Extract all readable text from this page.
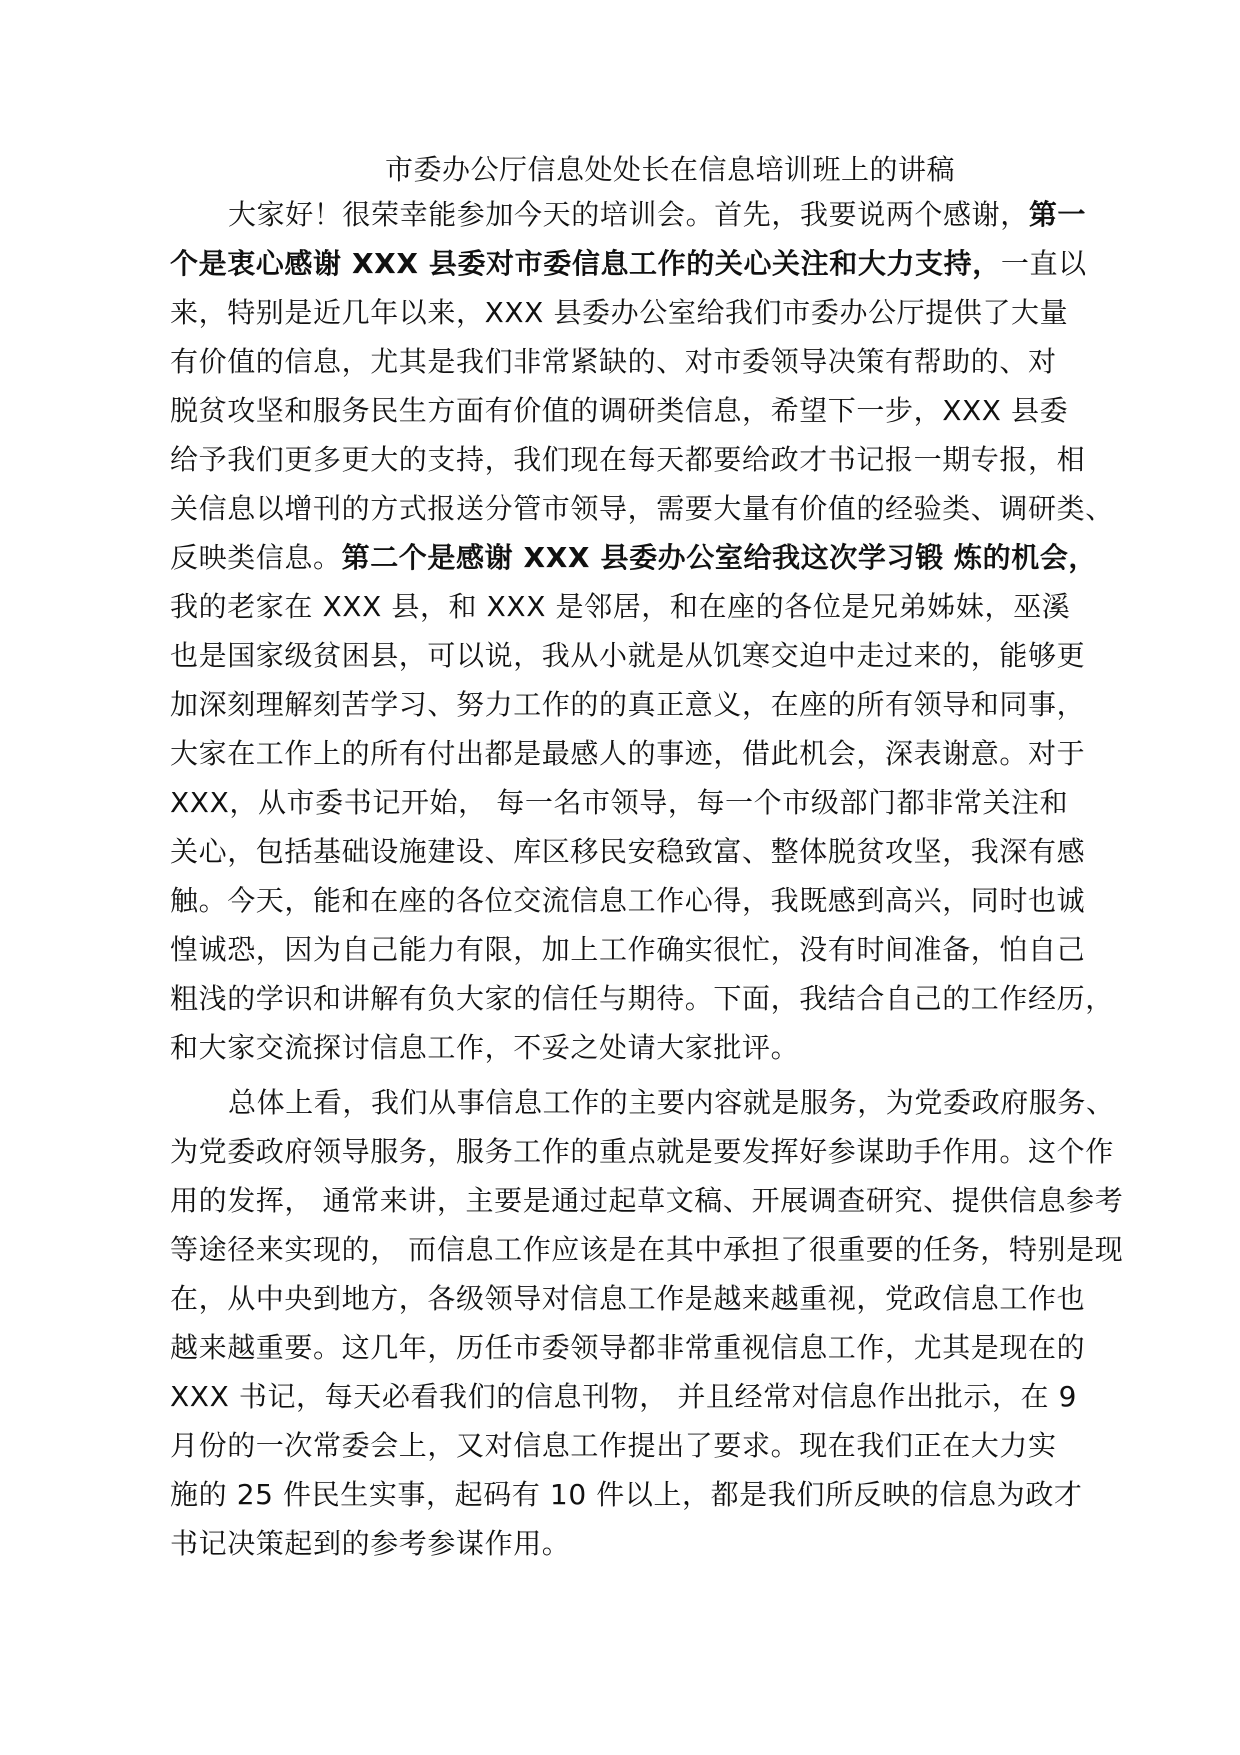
市委办公厅信息处处长在信息培训班上的讲稿
大家好！很荣幸能参加今天的培训会。首先，我要说两个感谢，第一
个是衷心感谢 XXX 县委对市委信息工作的关心关注和大力支持，一直以
来，特别是近几年以来，XXX 县委办公室给我们市委办公厅提供了大量
有价值的信息，尤其是我们非常紧缺的、对市委领导决策有帮助的、对
脱贫攻坚和服务民生方面有价值的调研类信息，希望下一步，XXX 县委
给予我们更多更大的支持，我们现在每天都要给政才书记报一期专报，相
关信息以增刊的方式报送分管市领导，需要大量有价值的经验类、调研类、
反映类信息。第二个是感谢 XXX 县委办公室给我这次学习锻 炼的机会，
我的老家在 XXX 县，和 XXX 是邻居，和在座的各位是兄弟姊妹，巫溪
也是国家级贫困县，可以说，我从小就是从饥寒交迫中走过来的，能够更
加深刻理解刻苦学习、努力工作的的真正意义，在座的所有领导和同事，
大家在工作上的所有付出都是最感人的事迹，借此机会，深表谢意。对于
XXX，从市委书记开始， 每一名市领导，每一个市级部门都非常关注和
关心，包括基础设施建设、库区移民安稳致富、整体脱贫攻坚，我深有感
触。今天，能和在座的各位交流信息工作心得，我既感到高兴，同时也诚
惶诚恐，因为自己能力有限，加上工作确实很忙，没有时间准备，怕自己
粗浅的学识和讲解有负大家的信任与期待。下面，我结合自己的工作经历，
和大家交流探讨信息工作，不妥之处请大家批评。
总体上看，我们从事信息工作的主要内容就是服务，为党委政府服务、
为党委政府领导服务，服务工作的重点就是要发挥好参谋助手作用。这个作
用的发挥， 通常来讲，主要是通过起草文稿、开展调查研究、提供信息参考
等途径来实现的， 而信息工作应该是在其中承担了很重要的任务，特别是现
在，从中央到地方，各级领导对信息工作是越来越重视，党政信息工作也
越来越重要。这几年，历任市委领导都非常重视信息工作，尤其是现在的
XXX 书记，每天必看我们的信息刊物， 并且经常对信息作出批示，在 9
月份的一次常委会上，又对信息工作提出了要求。现在我们正在大力实
施的 25 件民生实事，起码有 10 件以上，都是我们所反映的信息为政才
书记决策起到的参考参谋作用。
